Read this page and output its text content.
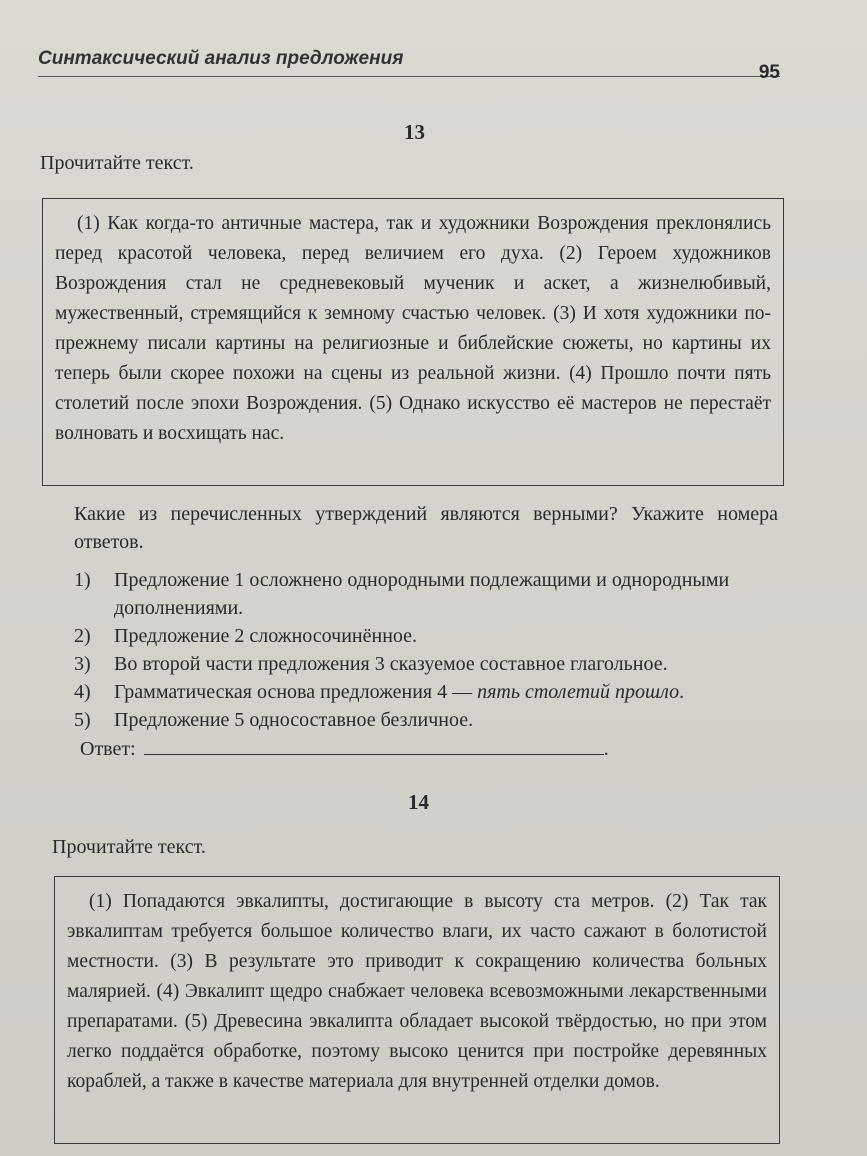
Синтаксический анализ предложения
95
13
Прочитайте текст.
(1) Как когда-то античные мастера, так и художники Возрождения преклонялись перед красотой человека, перед величием его духа. (2) Героем художников Возрождения стал не средневековый мученик и аскет, а жизнелюбивый, мужественный, стремящийся к земному счастью человек. (3) И хотя художники по-прежнему писали картины на религиозные и библейские сюжеты, но картины их теперь были скорее похожи на сцены из реальной жизни. (4) Прошло почти пять столетий после эпохи Возрождения. (5) Однако искусство её мастеров не перестаёт волновать и восхищать нас.
Какие из перечисленных утверждений являются верными? Укажите номера ответов.
1)	Предложение 1 осложнено однородными подлежащими и однородными дополнениями.
2)	Предложение 2 сложносочинённое.
3)	Во второй части предложения 3 сказуемое составное глагольное.
4)	Грамматическая основа предложения 4 — пять столетий прошло.
5)	Предложение 5 односоставное безличное.
Ответ:	.
14
Прочитайте текст.
(1) Попадаются эвкалипты, достигающие в высоту ста метров. (2) Так так эвкалиптам требуется большое количество влаги, их часто сажают в болотистой местности. (3) В результате это приводит к сокращению количества больных малярией. (4) Эвкалипт щедро снабжает человека всевозможными лекарственными препаратами. (5) Древесина эвкалипта обладает высокой твёрдостью, но при этом легко поддаётся обработке, поэтому высоко ценится при постройке деревянных кораблей, а также в качестве материала для внутренней отделки домов.
